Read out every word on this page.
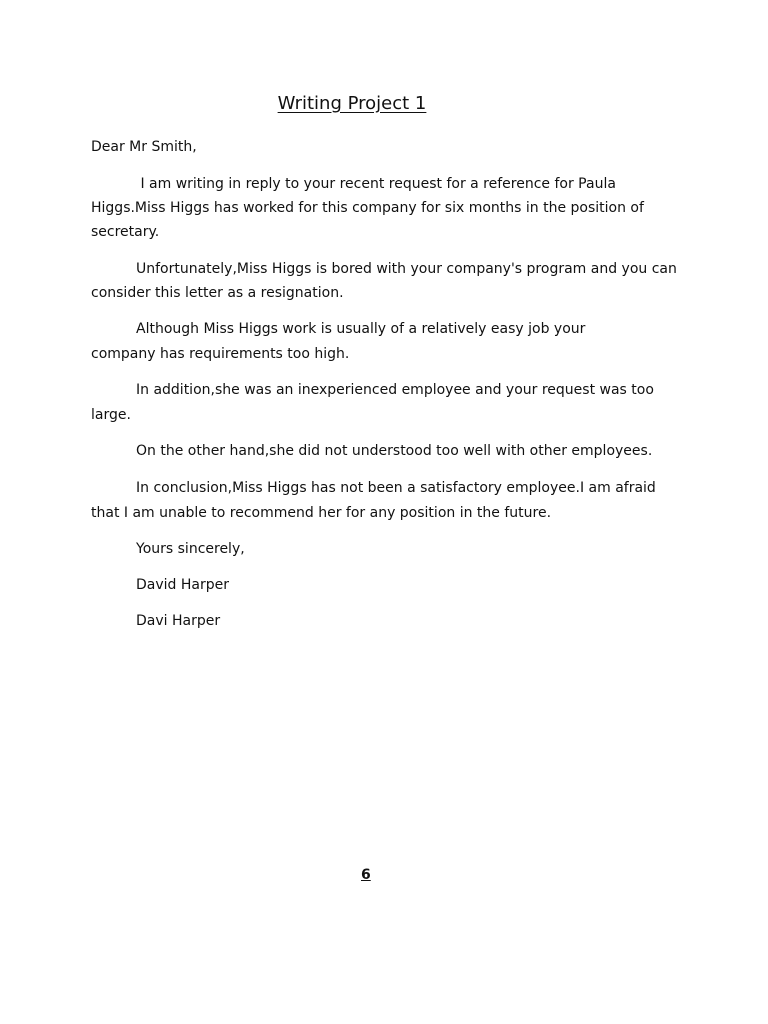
Writing Project 1
Dear Mr Smith,
I am writing in reply to your recent request for a reference for Paula
Higgs.Miss Higgs has worked for this company for six months in the position of
secretary.
Unfortunately,Miss Higgs is bored with your company's program and you can
consider this letter as a resignation.
Although Miss Higgs work is usually of a relatively easy job your
company has requirements too high.
In addition,she was an inexperienced employee and your request was too
large.
On the other hand,she did not understood too well with other employees.
In conclusion,Miss Higgs has not been a satisfactory employee.I am afraid
that I am unable to recommend her for any position in the future.
Yours sincerely,
David Harper
Davi Harper
6
